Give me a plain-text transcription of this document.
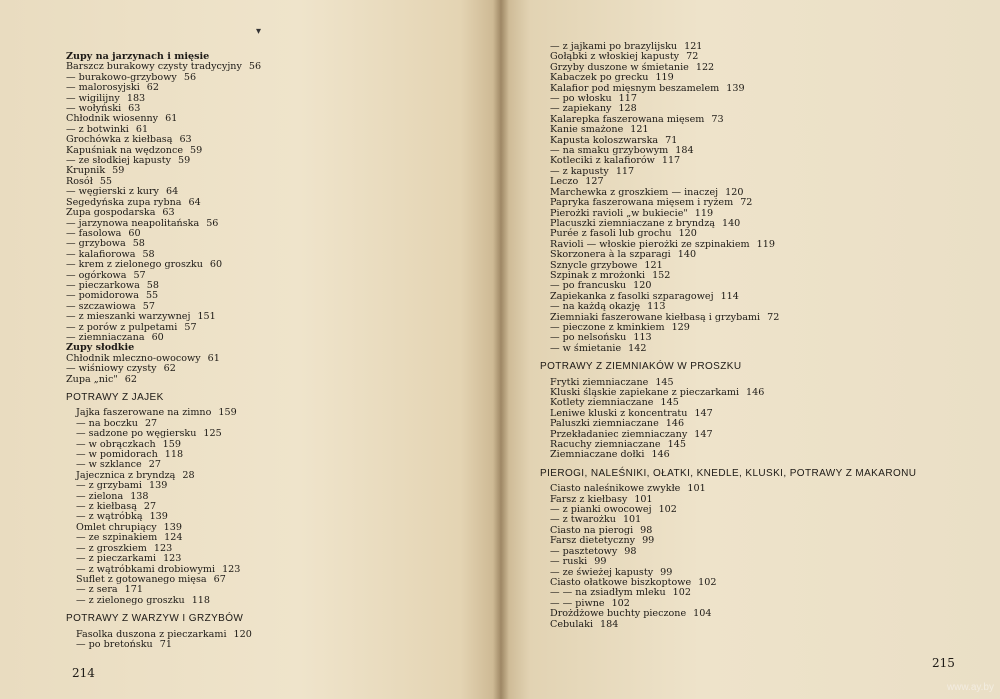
Zupy na jarzynach i mięsie
Barszcz burakowy czysty tradycyjny 56
— burakowo-grzybowy 56
— malorosyjski 62
— wigilijny 183
— wołyński 63
Chłodnik wiosenny 61
— z botwinki 61
Grochówka z kiełbasą 63
Kapuśniak na wędzonce 59
— ze słodkiej kapusty 59
Krupnik 59
Rosół 55
— węgierski z kury 64
Segedyńska zupa rybna 64
Zupa gospodarska 63
— jarzynowa neapolitańska 56
— fasolowa 60
— grzybowa 58
— kalafiorowa 58
— krem z zielonego groszku 60
— ogórkowa 57
— pieczarkowa 58
— pomidorowa 55
— szczawiowa 57
— z mieszanki warzywnej 151
— z porów z pulpetami 57
— ziemniaczana 60
Zupy słodkie
Chłodnik mleczno-owocowy 61
— wiśniowy czysty 62
Zupa „nic" 62
POTRAWY Z JAJEK
Jajka faszerowane na zimno 159
— na boczku 27
— sadzone po węgiersku 125
— w obrączkach 159
— w pomidorach 118
— w szklance 27
Jajecznica z bryndzą 28
— z grzybami 139
— zielona 138
— z kiełbasą 27
— z wątróbką 139
Omlet chrupiący 139
— ze szpinakiem 124
— z groszkiem 123
— z pieczarkami 123
— z wątróbkami drobiowymi 123
Suflet z gotowanego mięsa 67
— z sera 171
— z zielonego groszku 118
POTRAWY Z WARZYW I GRZYBÓW
Fasolka duszona z pieczarkami 120
— po bretońsku 71
▾
214
— z jajkami po brazylijsku 121
Gołąbki z włoskiej kapusty 72
Grzyby duszone w śmietanie 122
Kabaczek po grecku 119
Kalafior pod mięsnym beszamelem 139
— po włosku 117
— zapiekany 128
Kalarepka faszerowana mięsem 73
Kanie smażone 121
Kapusta koloszwarska 71
— na smaku grzybowym 184
Kotleciki z kalafiorów 117
— z kapusty 117
Leczo 127
Marchewka z groszkiem — inaczej 120
Papryka faszerowana mięsem i ryżem 72
Pierożki ravioli „w bukiecie" 119
Placuszki ziemniaczane z bryndzą 140
Purée z fasoli lub grochu 120
Ravioli — włoskie pierożki ze szpinakiem 119
Skorzonera à la szparagi 140
Sznycle grzybowe 121
Szpinak z mrożonki 152
— po francusku 120
Zapiekanka z fasolki szparagowej 114
— na każdą okazję 113
Ziemniaki faszerowane kiełbasą i grzybami 72
— pieczone z kminkiem 129
— po nelsońsku 113
— w śmietanie 142
POTRAWY Z ZIEMNIAKÓW W PROSZKU
Frytki ziemniaczane 145
Kluski śląskie zapiekane z pieczarkami 146
Kotlety ziemniaczane 145
Leniwe kluski z koncentratu 147
Paluszki ziemniaczane 146
Przekładaniec ziemniaczany 147
Racuchy ziemniaczane 145
Ziemniaczane dołki 146
PIEROGI, NALEŚNIKI, OŁATKI, KNEDLE, KLUSKI, POTRAWY Z MAKARONU
Ciasto naleśnikowe zwykłe 101
Farsz z kiełbasy 101
— z pianki owocowej 102
— z twarożku 101
Ciasto na pierogi 98
Farsz dietetyczny 99
— pasztetowy 98
— ruski 99
— ze świeżej kapusty 99
Ciasto ołatkowe biszkoptowe 102
— — na zsiadłym mleku 102
— — piwne 102
Drożdżowe buchty pieczone 104
Cebulaki 184
215
www.ay.by
